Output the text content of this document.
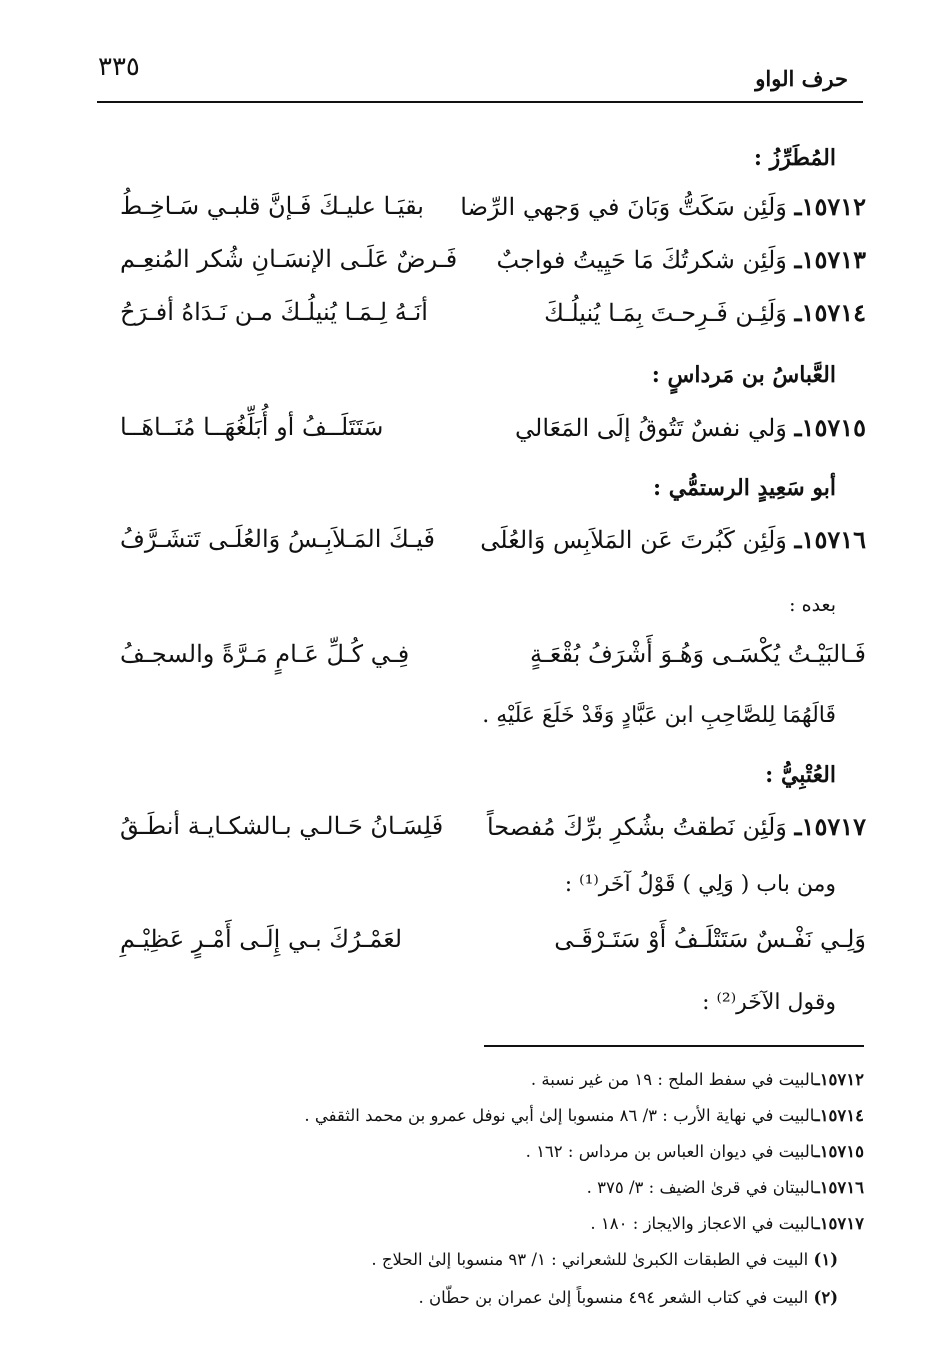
٣٣٥	حرف الواو
المُطَرِّزُ :
١٥٧١٢ـ وَلَئِن سَكَتُّ وَبَانَ في وَجهي الرِّضا
بقيَـا عليـكَ فَـإنَّ قلبـي سَـاخِـطُ
١٥٧١٣ـ وَلَئِن شكرتُكَ مَا حَيِيتُ فواجبٌ
فَـرضٌ عَلَـى الإنسَـانِ شُكر المُنعِـم
١٥٧١٤ـ وَلَئِـن فَـرِحـتَ بِمَـا يُنيلُـكَ
أنَـهُ لِـمَـا يُنيلُـكَ مـن نَـدَاهُ أفـرَحُ
العَّباسُ بن مَرداسٍ :
١٥٧١٥ـ وَلي نفسٌ تَتُوقُ إلَى المَعَالي
سَتَتَلَــفُ أو أُبَلِّغُهَــا مُنَــاهَــا
أبو سَعِيدٍ الرستمُّي :
١٥٧١٦ـ وَلَئِن كَبُرتَ عَن المَلاَبِس وَالعُلَى
فَيـكَ المَـلاَبِـسُ وَالعُلَـى تَتشَـرَّفُ
بعده :
فَـالبَيْـتُ يُكْسَـى وَهُـوَ أَشْرَفُ بُقْعَـةٍ
فِـي كُـلِّ عَـامٍ مَـرَّةً والسجـفُ
قَالَهُمَا لِلصَّاحِبِ ابن عَبَّادٍ وَقَدْ خَلَعَ عَلَيْهِ .
العُتْبِيُّ :
١٥٧١٧ـ وَلَئِن نَطقتُ بشُكرِ برِّكَ مُفصحاً
فَلِسَـانُ حَـالـي بـالشكـايـة أنطَـقُ
ومن باب ( وَلِي ) قَوْلُ آخَر⁽¹⁾ :
وَلِـي نَفْـسٌ سَتَتْلَـفُ أَوْ سَتَـرْقَـى
لعَمْـرُكَ بـي إِلَـى أَمْـرٍ عَظِيْـمِ
وقول الآخَر⁽²⁾ :
١٥٧١٢ـالبيت في سفط الملح : ١٩ من غير نسبة .
١٥٧١٤ـالبيت في نهاية الأرب : ٣/ ٨٦ منسوبا إلىٰ أبي نوفل عمرو بن محمد الثقفي .
١٥٧١٥ـالبيت في ديوان العباس بن مرداس : ١٦٢ .
١٥٧١٦ـالبيتان في قرىٰ الضيف : ٣/ ٣٧٥ .
١٥٧١٧ـالبيت في الاعجاز والايجاز : ١٨٠ .
(١) البيت في الطبقات الكبرىٰ للشعراني : ١/ ٩٣ منسوبا إلىٰ الحلاج .
(٢) البيت في كتاب الشعر ٤٩٤ منسوباً إلىٰ عمران بن حطّان .
